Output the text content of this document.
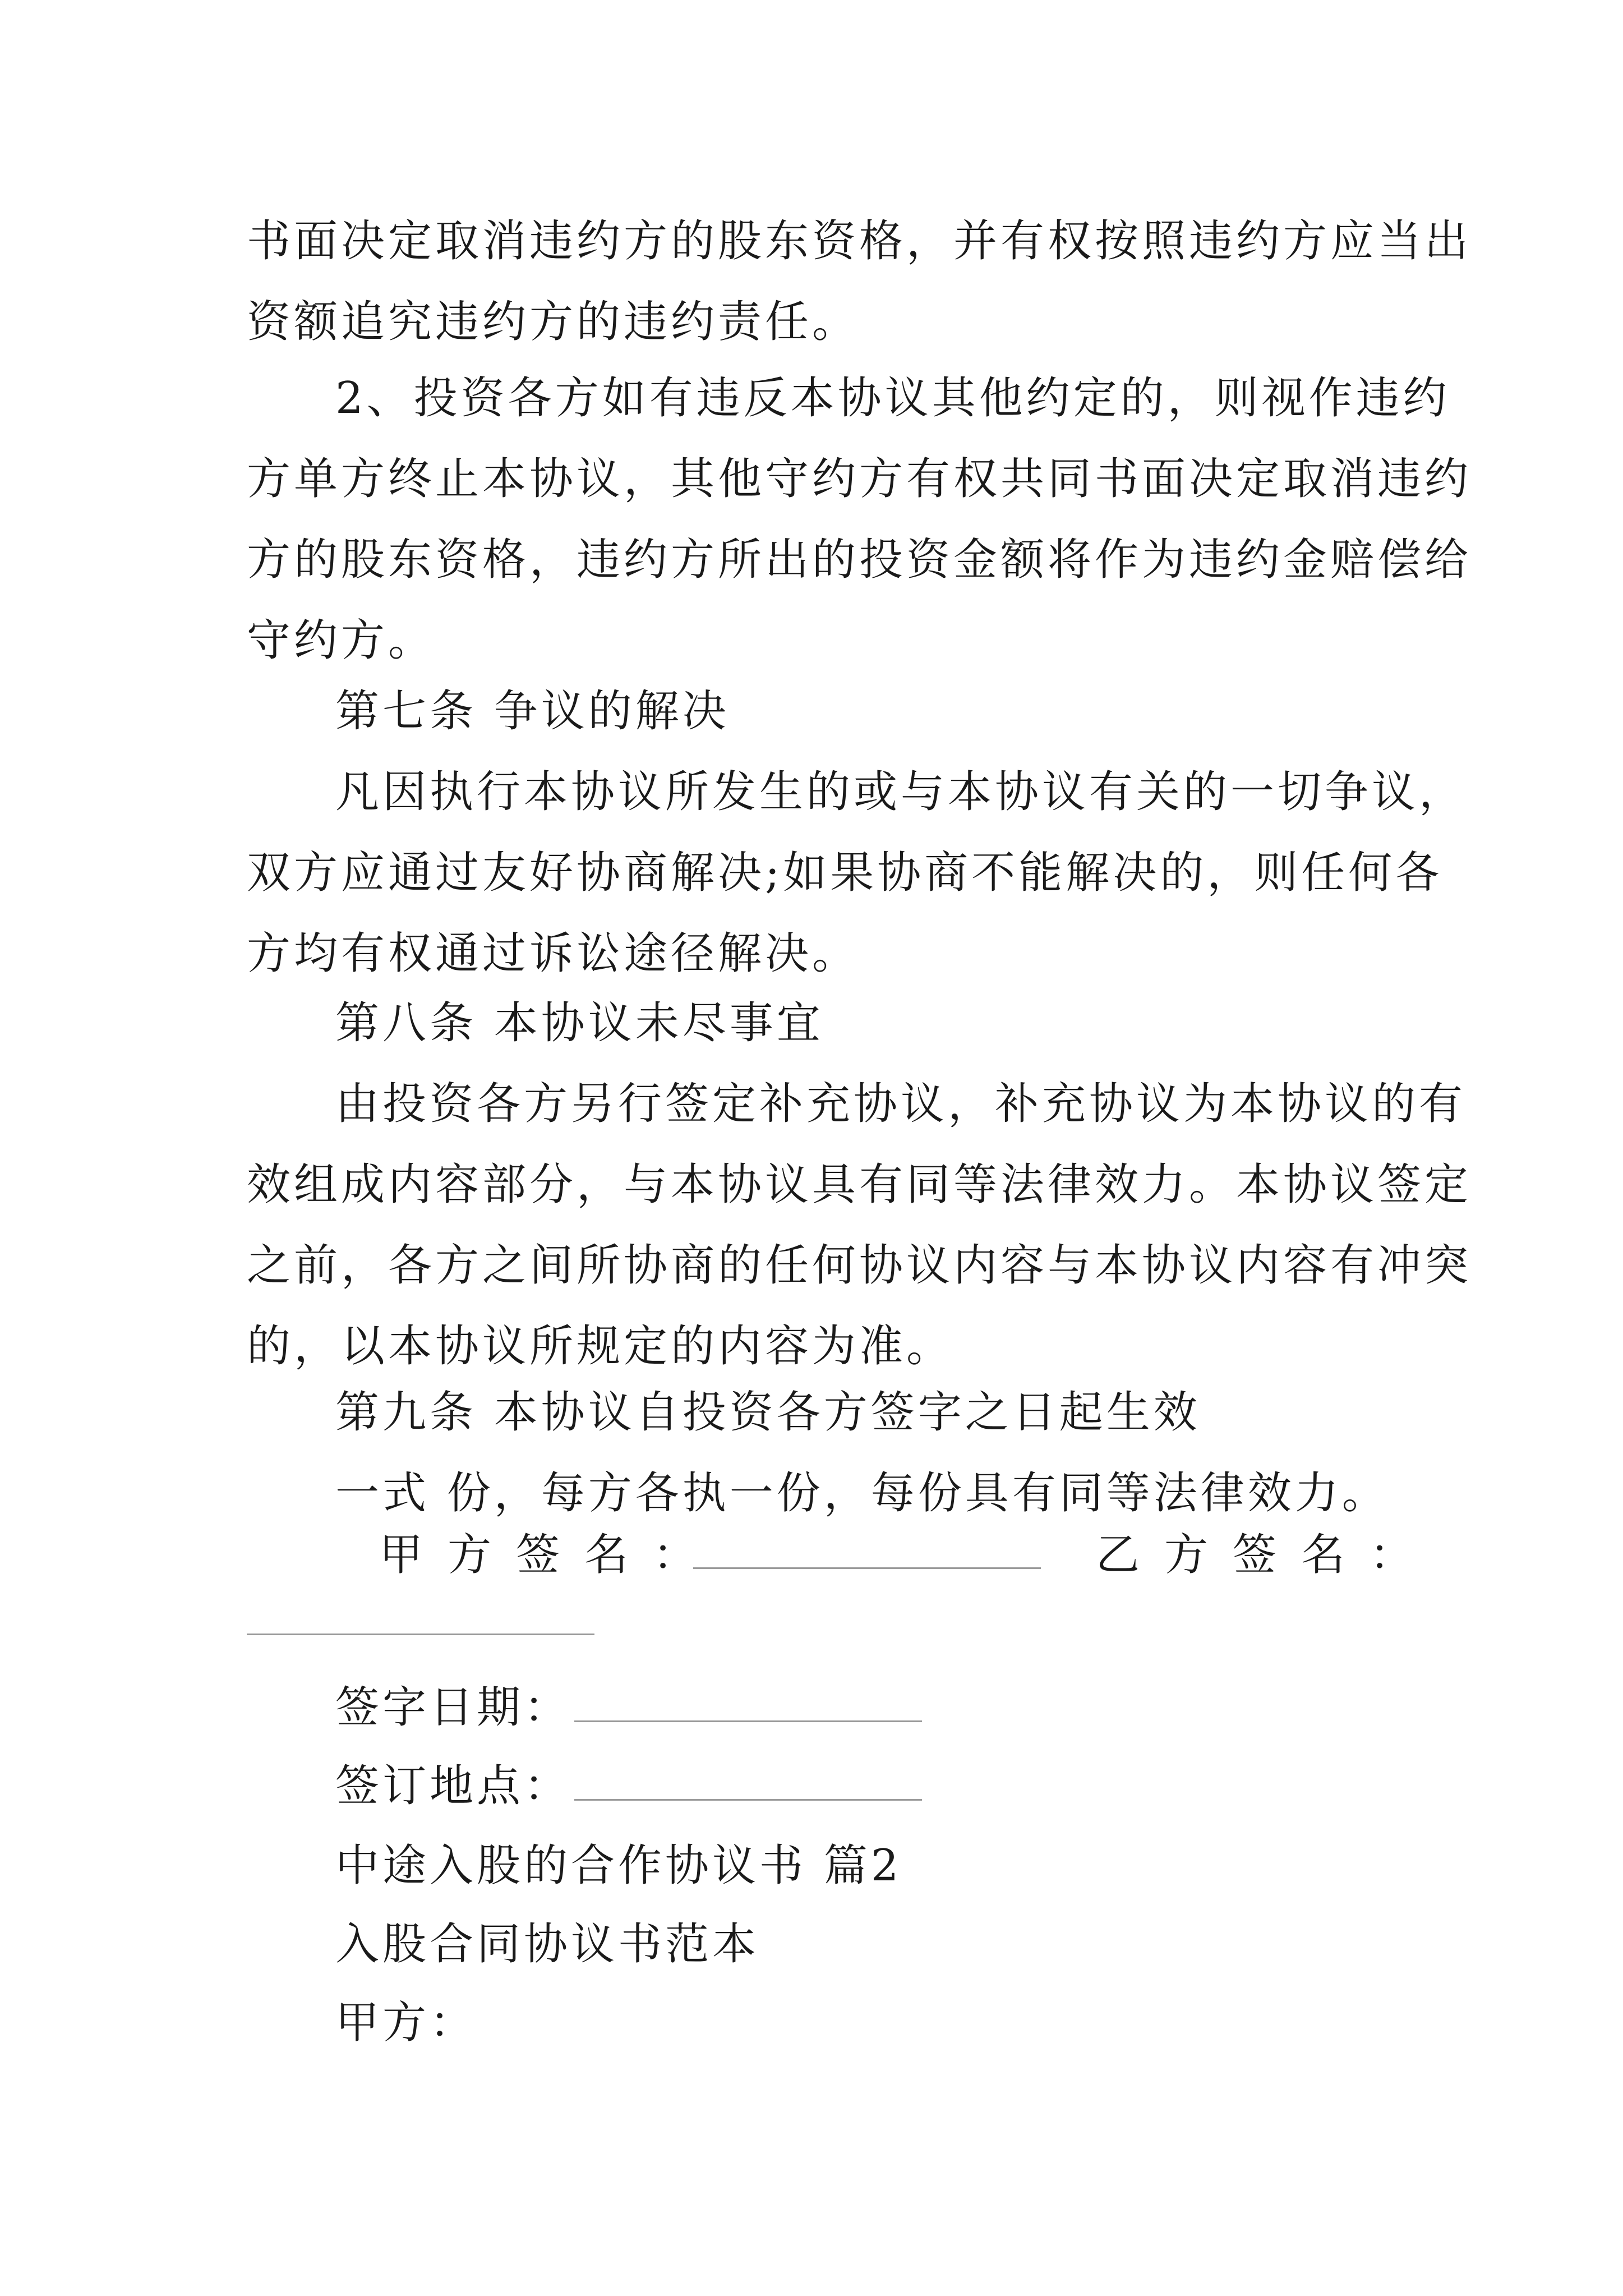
书面决定取消违约方的股东资格，并有权按照违约方应当出
资额追究违约方的违约责任。
2、投资各方如有违反本协议其他约定的，则视作违约
方单方终止本协议，其他守约方有权共同书面决定取消违约
方的股东资格，违约方所出的投资金额将作为违约金赔偿给
守约方。
第七条 争议的解决
凡因执行本协议所发生的或与本协议有关的一切争议，
双方应通过友好协商解决;如果协商不能解决的，则任何各
方均有权通过诉讼途径解决。
第八条 本协议未尽事宜
由投资各方另行签定补充协议，补充协议为本协议的有
效组成内容部分，与本协议具有同等法律效力。本协议签定
之前，各方之间所协商的任何协议内容与本协议内容有冲突
的，以本协议所规定的内容为准。
第九条 本协议自投资各方签字之日起生效
一式 份，每方各执一份，每份具有同等法律效力。
甲方签名：	乙方签名：
签字日期：
签订地点：
中途入股的合作协议书 篇2
入股合同协议书范本
甲方：
